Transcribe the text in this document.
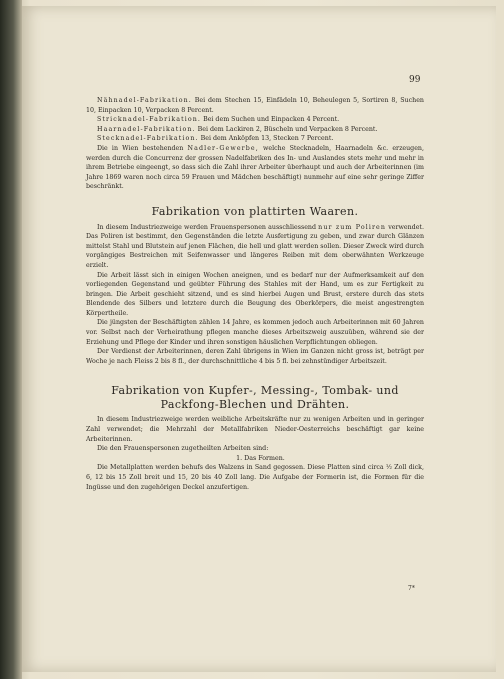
99

Nähnadel-Fabrikation. Bei dem Stechen 15, Einfädeln 10, Beheulegen 5, Sortiren 8, Suchen 10, Einpacken 10, Verpacken 8 Percent.

Stricknadel-Fabrikation. Bei dem Suchen und Einpacken 4 Percent.

Haarnadel-Fabrikation. Bei dem Lackiren 2, Büscheln und Verpacken 8 Percent.

Stecknadel-Fabrikation. Bei dem Anköpfen 13, Stecken 7 Percent.

Die in Wien bestehenden Nadler-Gewerbe, welche Stecknadeln, Haarnadeln &c. erzeugen, werden durch die Concurrenz der grossen Nadelfabriken des In- und Auslandes stets mehr und mehr in ihrem Betriebe eingeengt, so dass sich die Zahl ihrer Arbeiter überhaupt und auch der Arbeiterinnen (im Jahre 1869 waren noch circa 59 Frauen und Mädchen beschäftigt) nunmehr auf eine sehr geringe Ziffer beschränkt.

Fabrikation von plattirten Waaren.

In diesem Industriezweige werden Frauenspersonen ausschliessend nur zum Poliren verwendet. Das Poliren ist bestimmt, den Gegenständen die letzte Ausfertigung zu geben, und zwar durch Glänzen mittelst Stahl und Blutstein auf jenen Flächen, die hell und glatt werden sollen. Dieser Zweck wird durch vorgängiges Bestreichen mit Seifenwasser und längeres Reiben mit dem oberwähnten Werkzeuge erzielt.

Die Arbeit lässt sich in einigen Wochen aneignen, und es bedarf nur der Aufmerksamkeit auf den vorliegenden Gegenstand und geübter Führung des Stahles mit der Hand, um es zur Fertigkeit zu bringen. Die Arbeit geschieht sitzend, und es sind hierbei Augen und Brust, erstere durch das stets Blendende des Silbers und letztere durch die Beugung des Oberkörpers, die meist angestrengten Körpertheile.

Die jüngsten der Beschäftigten zählen 14 Jahre, es kommen jedoch auch Arbeiterinnen mit 60 Jahren vor. Selbst nach der Verheirathung pflegen manche dieses Arbeitszweig auszuüben, während sie der Erziehung und Pflege der Kinder und ihren sonstigen häuslichen Verpflichtungen obliegen.

Der Verdienst der Arbeiterinnen, deren Zahl übrigens in Wien im Ganzen nicht gross ist, beträgt per Woche je nach Fleiss 2 bis 8 fl., der durchschnittliche 4 bis 5 fl. bei zehnstündiger Arbeitszeit.

Fabrikation von Kupfer-, Messing-, Tombak- und
Packfong-Blechen und Drähten.

In diesem Industriezweige werden weibliche Arbeitskräfte nur zu wenigen Arbeiten und in geringer Zahl verwendet; die Mehrzahl der Metallfabriken Nieder-Oesterreichs beschäftigt gar keine Arbeiterinnen.

Die den Frauenspersonen zugetheilten Arbeiten sind:

1. Das Formen.

Die Metallplatten werden behufs des Walzens in Sand gegossen. Diese Platten sind circa ½ Zoll dick, 6, 12 bis 15 Zoll breit und 15, 20 bis 40 Zoll lang. Die Aufgabe der Formerin ist, die Formen für die Ingüsse und den zugehörigen Deckel anzufertigen.

7*
